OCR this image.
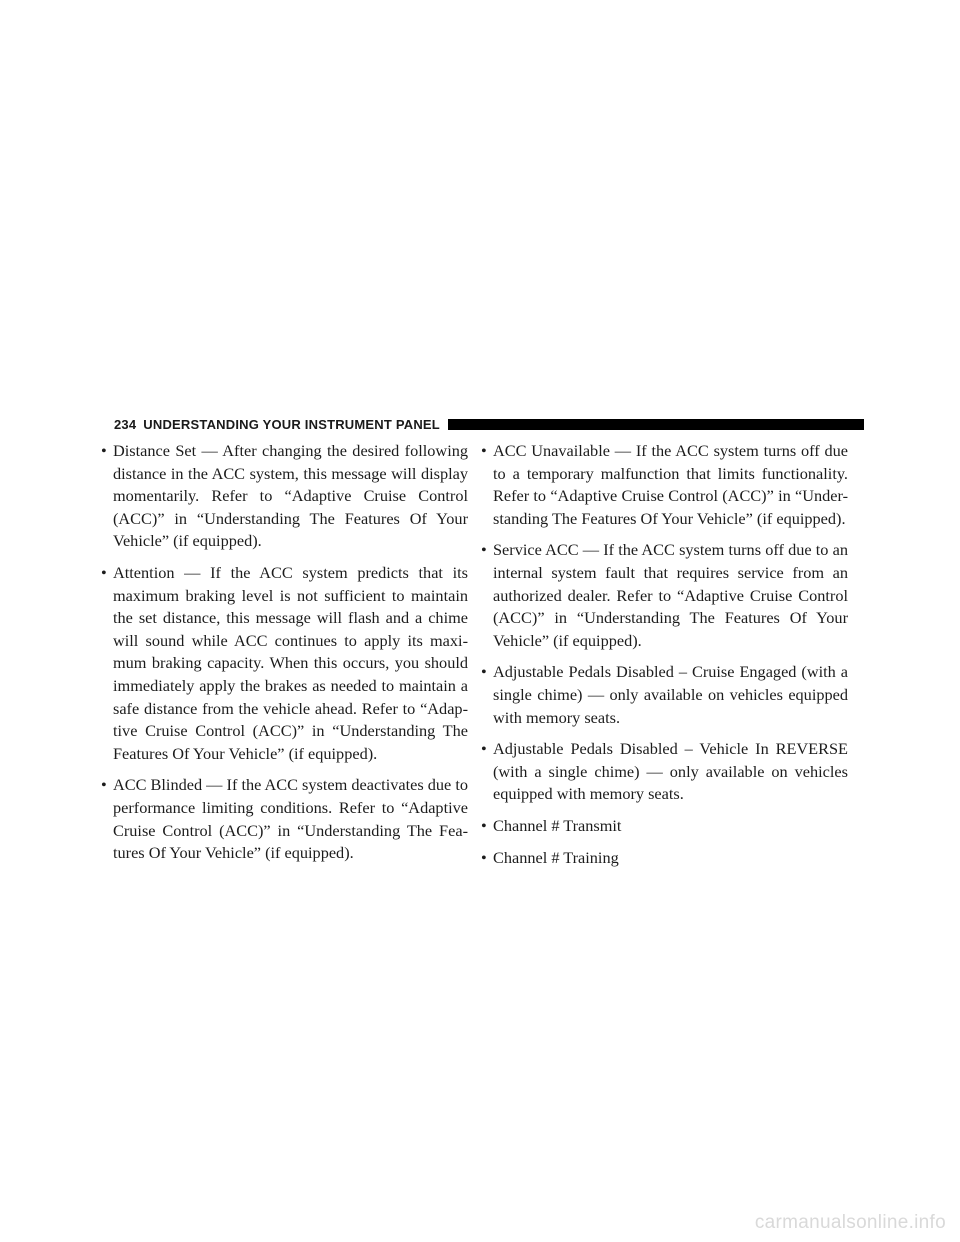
234 UNDERSTANDING YOUR INSTRUMENT PANEL
• Distance Set — After changing the desired following distance in the ACC system, this message will display momentarily. Refer to “Adaptive Cruise Control (ACC)” in “Understanding The Features Of Your Vehicle” (if equipped).
• Attention — If the ACC system predicts that its maximum braking level is not sufficient to maintain the set distance, this message will flash and a chime will sound while ACC continues to apply its maxi-mum braking capacity. When this occurs, you should immediately apply the brakes as needed to maintain a safe distance from the vehicle ahead. Refer to “Adap-tive Cruise Control (ACC)” in “Understanding The Features Of Your Vehicle” (if equipped).
• ACC Blinded — If the ACC system deactivates due to performance limiting conditions. Refer to “Adaptive Cruise Control (ACC)” in “Understanding The Fea-tures Of Your Vehicle” (if equipped).
• ACC Unavailable — If the ACC system turns off due to a temporary malfunction that limits functionality. Refer to “Adaptive Cruise Control (ACC)” in “Under-standing The Features Of Your Vehicle” (if equipped).
• Service ACC — If the ACC system turns off due to an internal system fault that requires service from an authorized dealer. Refer to “Adaptive Cruise Control (ACC)” in “Understanding The Features Of Your Vehicle” (if equipped).
• Adjustable Pedals Disabled – Cruise Engaged (with a single chime) — only available on vehicles equipped with memory seats.
• Adjustable Pedals Disabled – Vehicle In REVERSE (with a single chime) — only available on vehicles equipped with memory seats.
• Channel # Transmit
• Channel # Training
carmanualsonline.info
